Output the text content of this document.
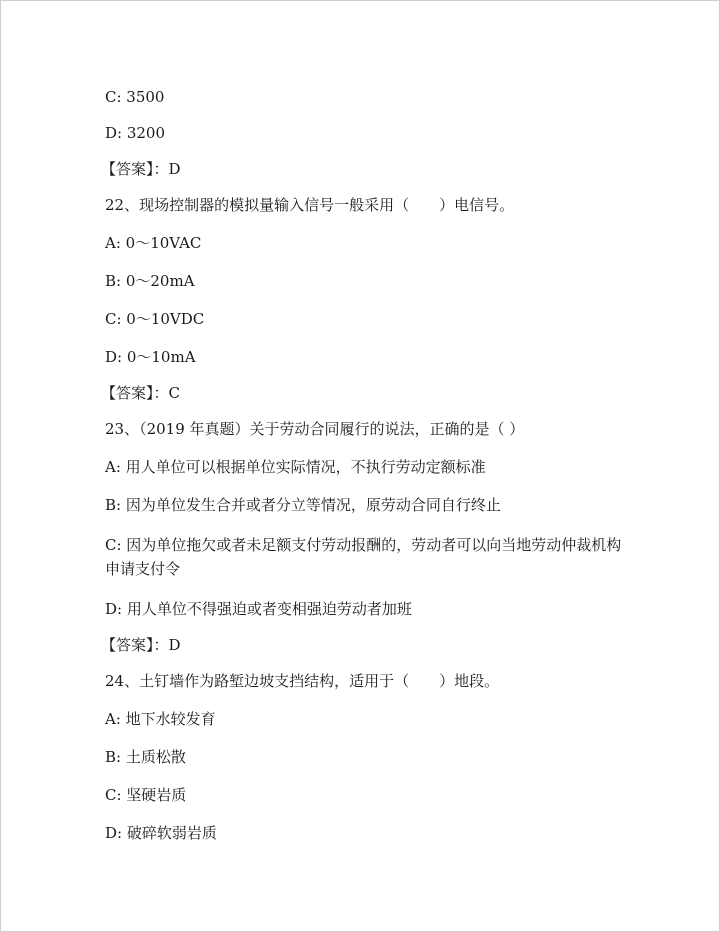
C: 3500
D: 3200
【答案】：D
22、现场控制器的模拟量输入信号一般采用（　　）电信号。
A: 0～10VAC
B: 0～20mA
C: 0～10VDC
D: 0～10mA
【答案】：C
23、（2019 年真题）关于劳动合同履行的说法，正确的是（ ）
A: 用人单位可以根据单位实际情况，不执行劳动定额标准
B: 因为单位发生合并或者分立等情况，原劳动合同自行终止
C: 因为单位拖欠或者未足额支付劳动报酬的，劳动者可以向当地劳动仲裁机构申请支付令
D: 用人单位不得强迫或者变相强迫劳动者加班
【答案】：D
24、土钉墙作为路堑边坡支挡结构，适用于（　　）地段。
A: 地下水较发育
B: 土质松散
C: 坚硬岩质
D: 破碎软弱岩质
